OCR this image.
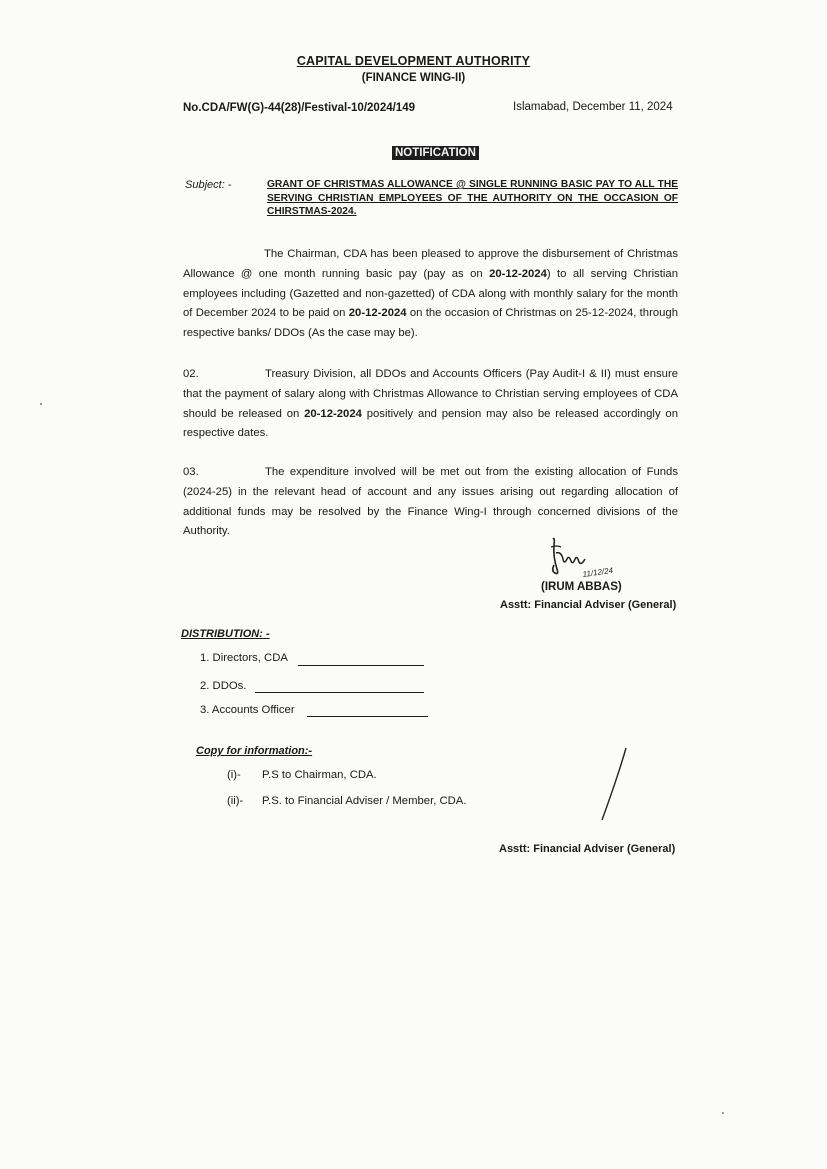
CAPITAL DEVELOPMENT AUTHORITY
(FINANCE WING-II)
No.CDA/FW(G)-44(28)/Festival-10/2024/149	Islamabad, December 11, 2024
NOTIFICATION
Subject: -	GRANT OF CHRISTMAS ALLOWANCE @ SINGLE RUNNING BASIC PAY TO ALL THE
SERVING CHRISTIAN EMPLOYEES OF THE AUTHORITY ON THE OCCASION OF
CHIRSTMAS-2024.
The Chairman, CDA has been pleased to approve the disbursement of Christmas Allowance @ one month running basic pay (pay as on 20-12-2024) to all serving Christian employees including (Gazetted and non-gazetted) of CDA along with monthly salary for the month of December 2024 to be paid on 20-12-2024 on the occasion of Christmas on 25-12-2024, through respective banks/ DDOs (As the case may be).
02.	Treasury Division, all DDOs and Accounts Officers (Pay Audit-I & II) must ensure that the payment of salary along with Christmas Allowance to Christian serving employees of CDA should be released on 20-12-2024 positively and pension may also be released accordingly on respective dates.
03.	The expenditure involved will be met out from the existing allocation of Funds (2024-25) in the relevant head of account and any issues arising out regarding allocation of additional funds may be resolved by the Finance Wing-I through concerned divisions of the Authority.
11/12/24
(IRUM ABBAS)
Asstt: Financial Adviser (General)
DISTRIBUTION: -
1. Directors, CDA
2. DDOs.
3. Accounts Officer
Copy for information:-
(i)- P.S to Chairman, CDA.
(ii)- P.S. to Financial Adviser / Member, CDA.
Asstt: Financial Adviser (General)
